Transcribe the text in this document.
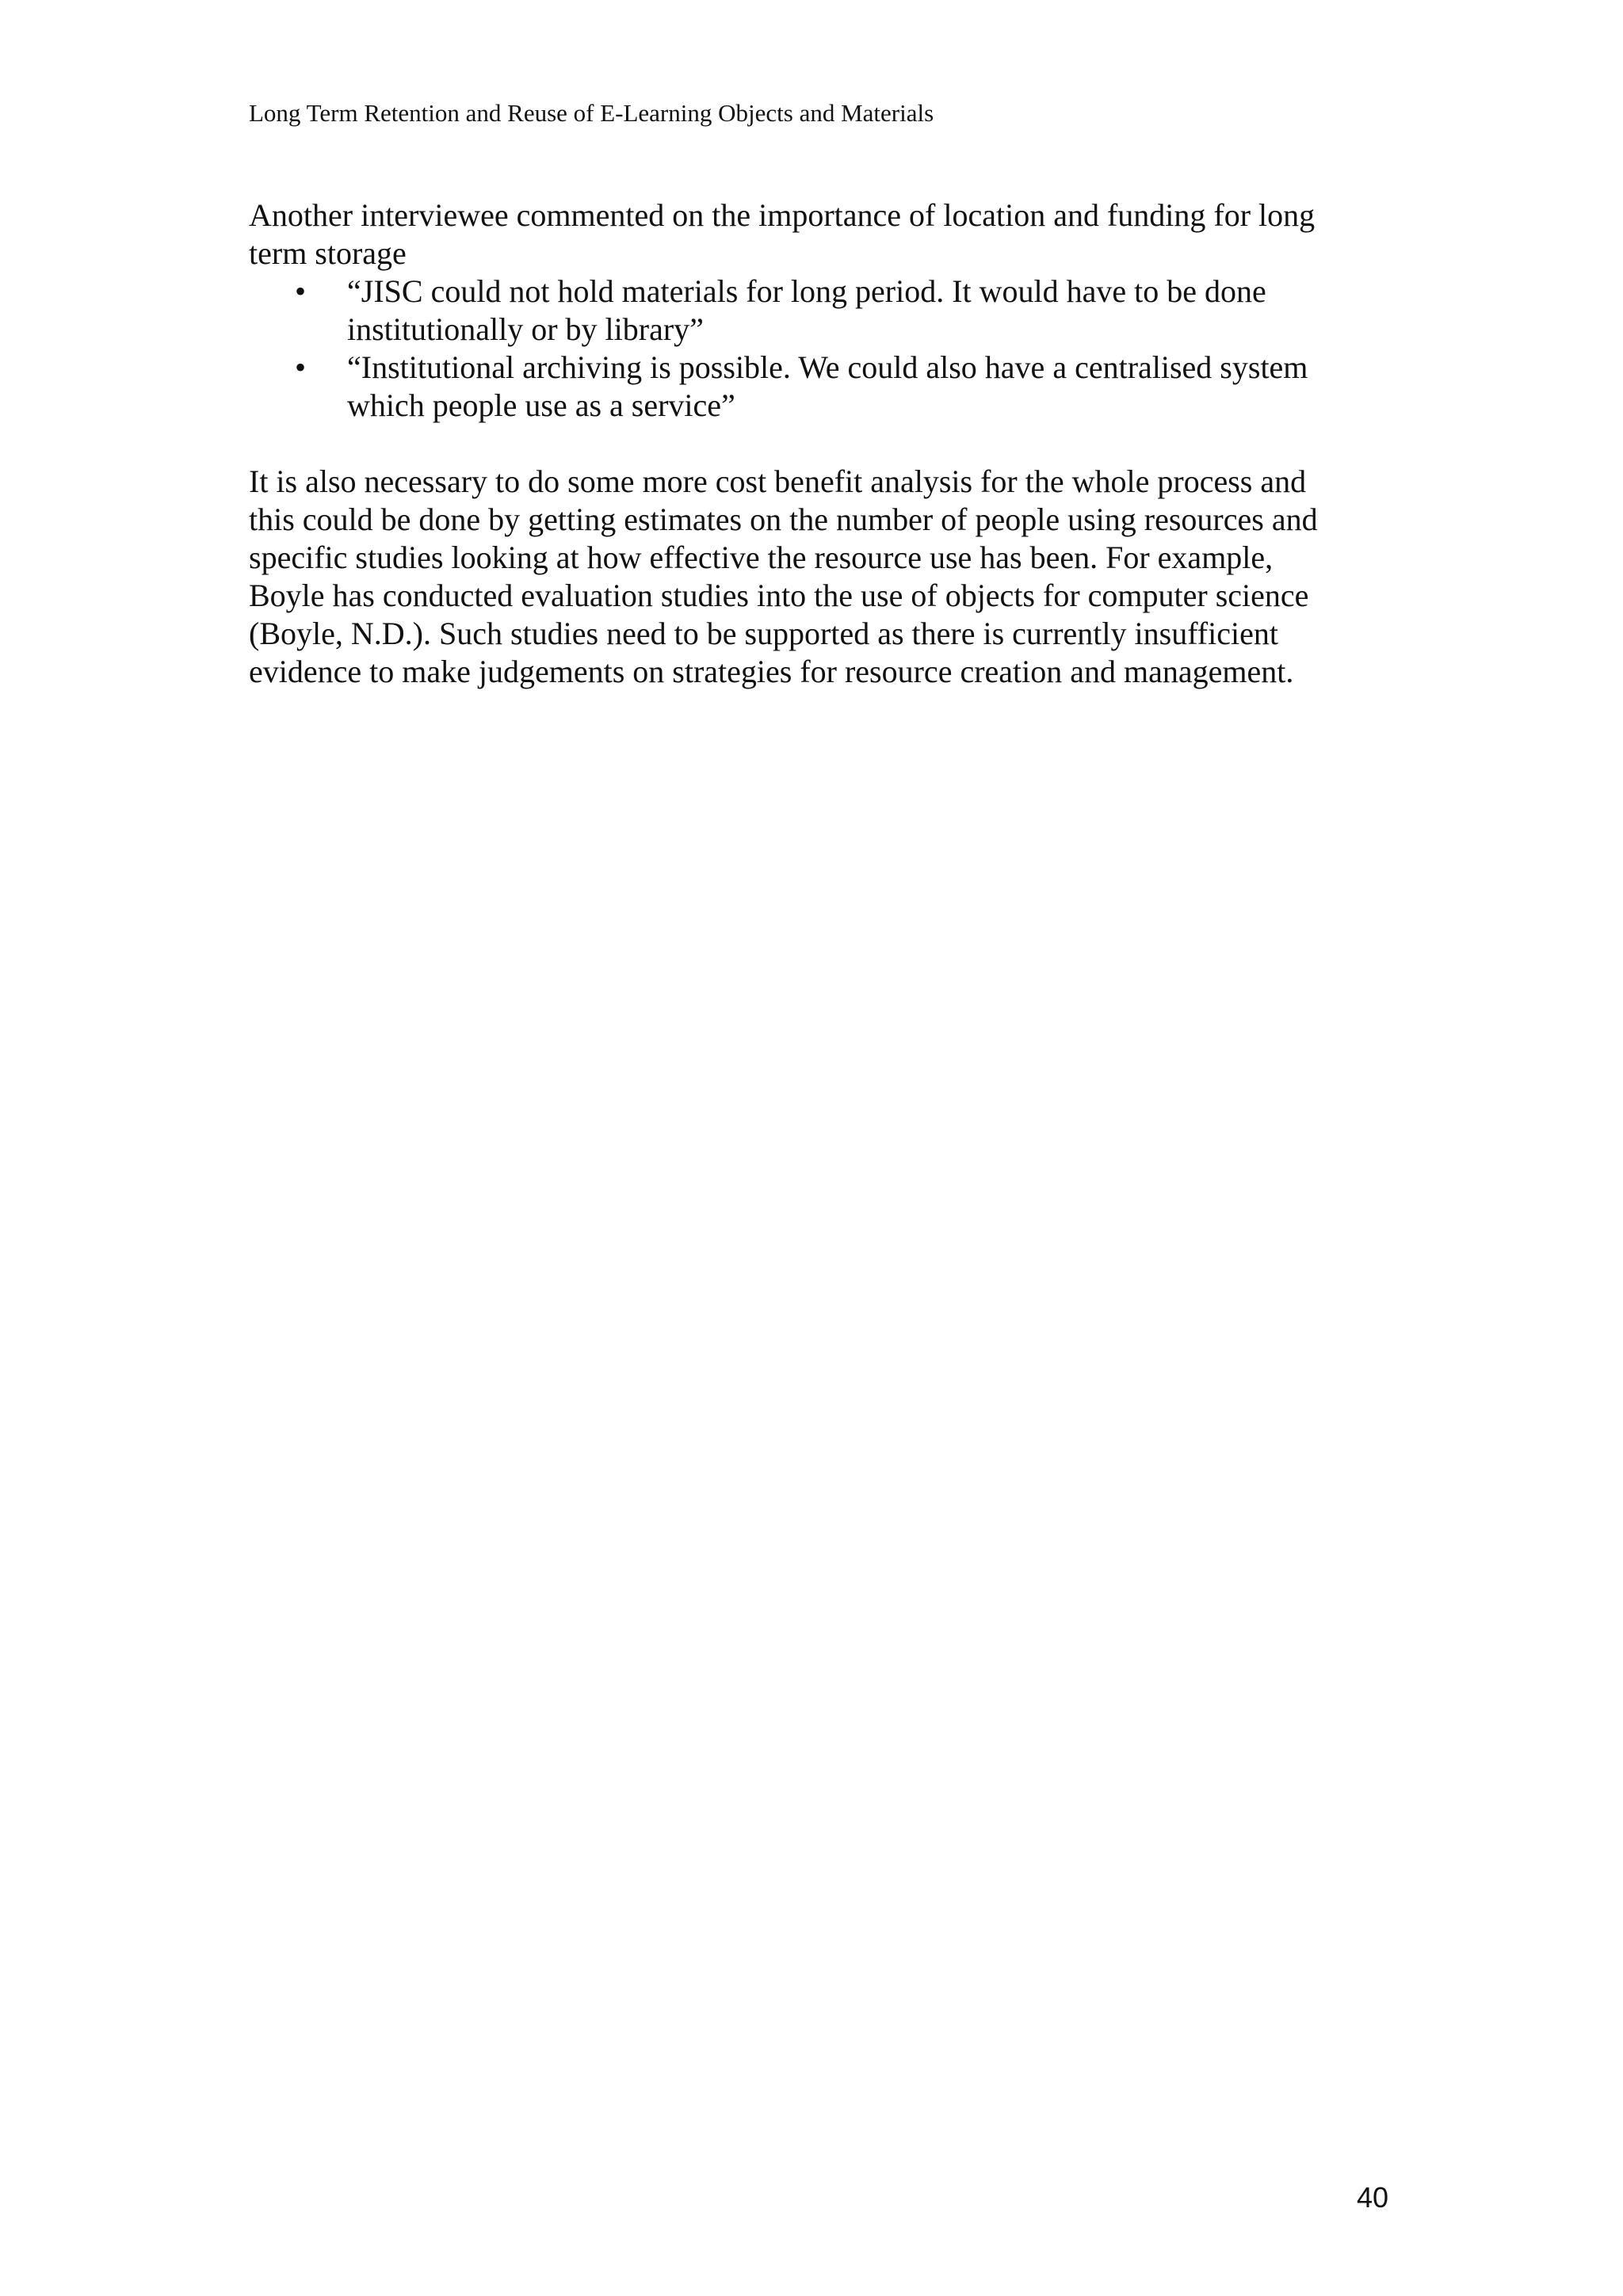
Long Term Retention and Reuse of E-Learning Objects and Materials

Another interviewee commented on the importance of location and funding for long
term storage

• “JISC could not hold materials for long period. It would have to be done
institutionally or by library”
• “Institutional archiving is possible. We could also have a centralised system
which people use as a service”

It is also necessary to do some more cost benefit analysis for the whole process and
this could be done by getting estimates on the number of people using resources and
specific studies looking at how effective the resource use has been. For example,
Boyle has conducted evaluation studies into the use of objects for computer science
(Boyle, N.D.). Such studies need to be supported as there is currently insufficient
evidence to make judgements on strategies for resource creation and management.

40
